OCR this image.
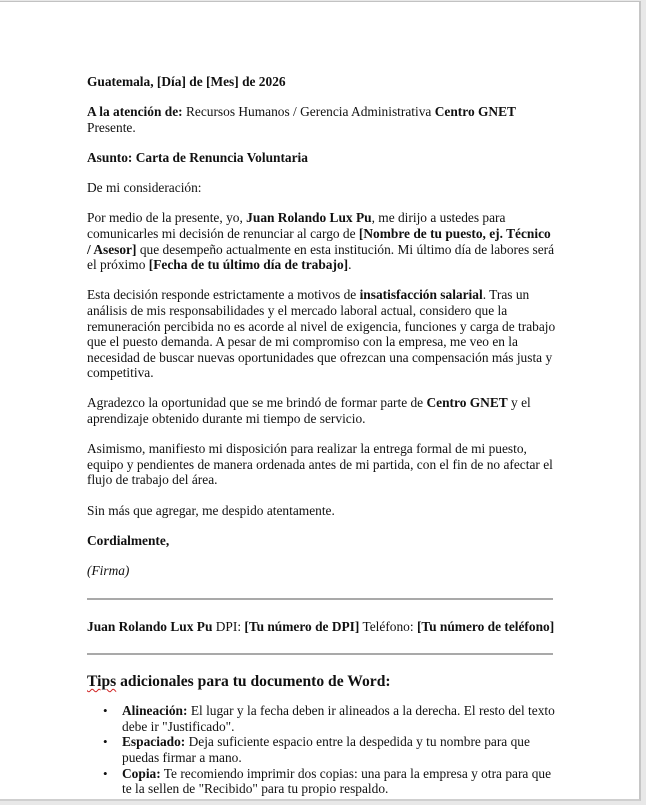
Guatemala, [Día] de [Mes] de 2026

A la atención de: Recursos Humanos / Gerencia Administrativa Centro GNET Presente.

Asunto: Carta de Renuncia Voluntaria

De mi consideración:

Por medio de la presente, yo, Juan Rolando Lux Pu, me dirijo a ustedes para comunicarles mi decisión de renunciar al cargo de [Nombre de tu puesto, ej. Técnico / Asesor] que desempeño actualmente en esta institución. Mi último día de labores será el próximo [Fecha de tu último día de trabajo].

Esta decisión responde estrictamente a motivos de insatisfacción salarial. Tras un análisis de mis responsabilidades y el mercado laboral actual, considero que la remuneración percibida no es acorde al nivel de exigencia, funciones y carga de trabajo que el puesto demanda. A pesar de mi compromiso con la empresa, me veo en la necesidad de buscar nuevas oportunidades que ofrezcan una compensación más justa y competitiva.

Agradezco la oportunidad que se me brindó de formar parte de Centro GNET y el aprendizaje obtenido durante mi tiempo de servicio.

Asimismo, manifiesto mi disposición para realizar la entrega formal de mi puesto, equipo y pendientes de manera ordenada antes de mi partida, con el fin de no afectar el flujo de trabajo del área.

Sin más que agregar, me despido atentamente.

Cordialmente,

(Firma)

Juan Rolando Lux Pu DPI: [Tu número de DPI] Teléfono: [Tu número de teléfono]

Tips adicionales para tu documento de Word:

• Alineación: El lugar y la fecha deben ir alineados a la derecha. El resto del texto debe ir "Justificado".
• Espaciado: Deja suficiente espacio entre la despedida y tu nombre para que puedas firmar a mano.
• Copia: Te recomiendo imprimir dos copias: una para la empresa y otra para que te la sellen de "Recibido" para tu propio respaldo.
